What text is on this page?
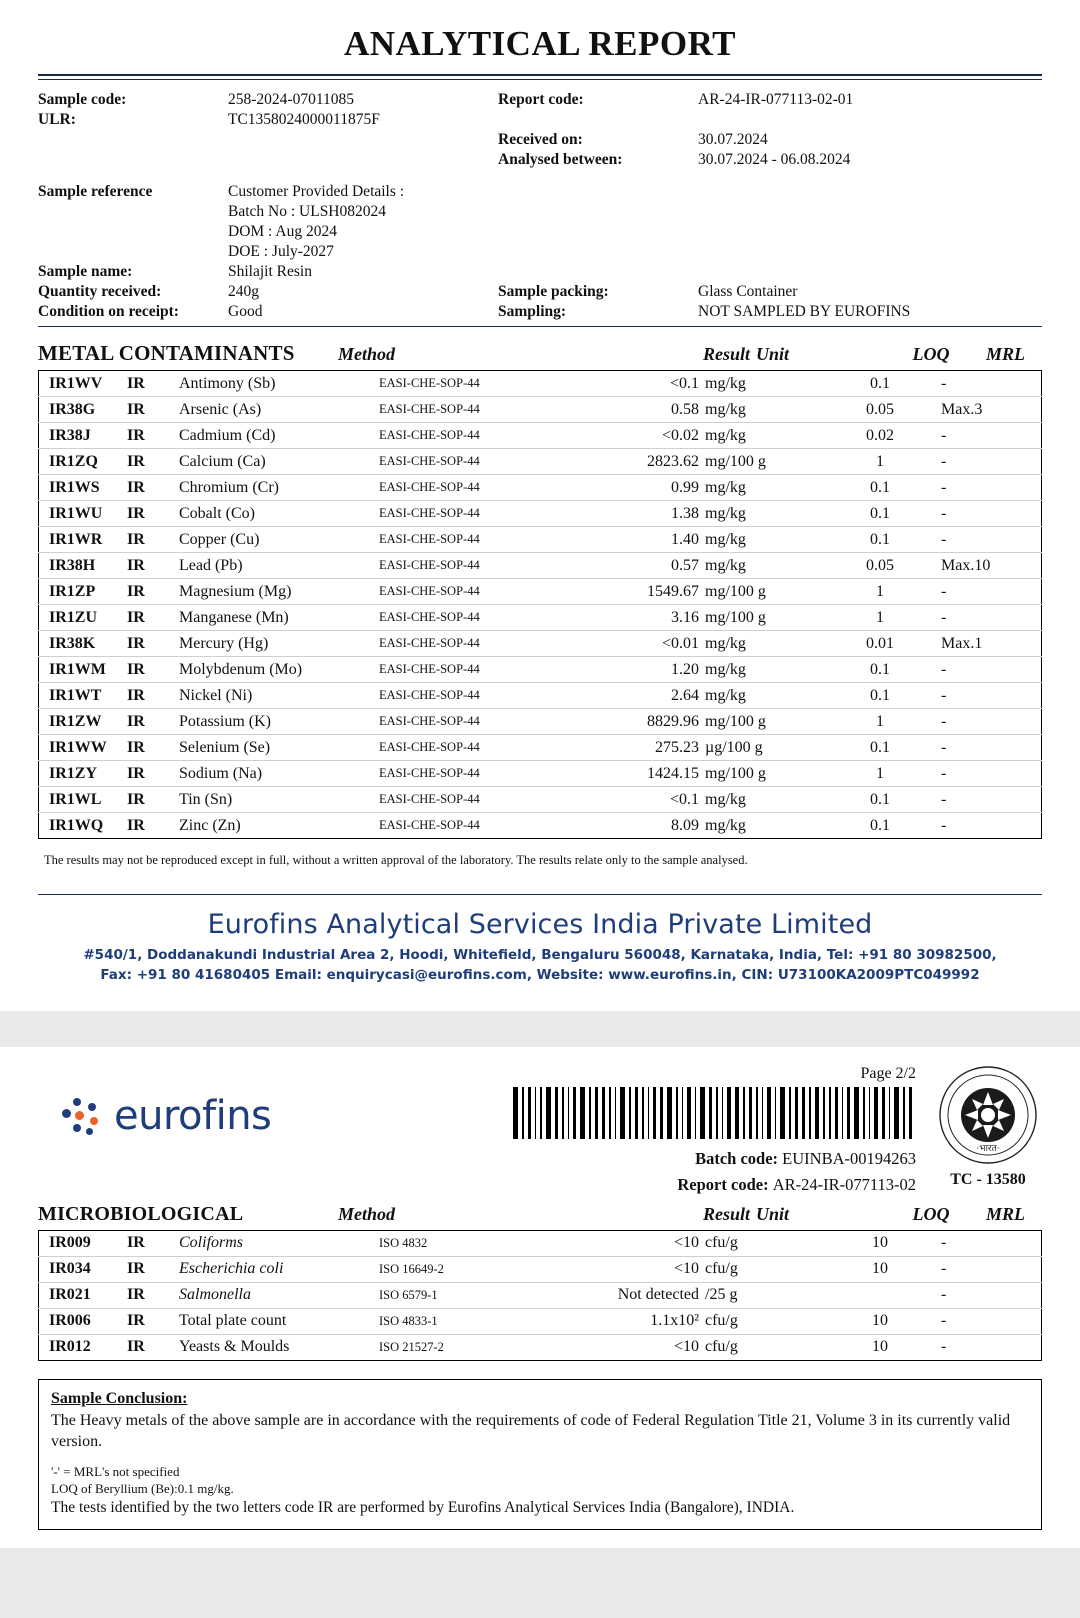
ANALYTICAL REPORT
Sample code:	258-2024-07011085	Report code:	AR-24-IR-077113-02-01
ULR:	TC1358024000011875F		
		Received on:	30.07.2024
		Analysed between:	30.07.2024 - 06.08.2024

Sample reference	Customer Provided Details :		
	Batch No : ULSH082024		
	DOM : Aug 2024		
	DOE : July-2027		
Sample name:	Shilajit Resin		
Quantity received:	240g	Sample packing:	Glass Container
Condition on receipt:	Good	Sampling:	NOT SAMPLED BY EUROFINS
METAL CONTAMINANTS	Method	Result Unit	LOQ	MRL
IR1WV	IR	Antimony (Sb)	EASI-CHE-SOP-44	<0.1	mg/kg	0.1	-
IR38G	IR	Arsenic (As)	EASI-CHE-SOP-44	0.58	mg/kg	0.05	Max.3
IR38J	IR	Cadmium (Cd)	EASI-CHE-SOP-44	<0.02	mg/kg	0.02	-
IR1ZQ	IR	Calcium (Ca)	EASI-CHE-SOP-44	2823.62	mg/100 g	1	-
IR1WS	IR	Chromium (Cr)	EASI-CHE-SOP-44	0.99	mg/kg	0.1	-
IR1WU	IR	Cobalt (Co)	EASI-CHE-SOP-44	1.38	mg/kg	0.1	-
IR1WR	IR	Copper (Cu)	EASI-CHE-SOP-44	1.40	mg/kg	0.1	-
IR38H	IR	Lead (Pb)	EASI-CHE-SOP-44	0.57	mg/kg	0.05	Max.10
IR1ZP	IR	Magnesium (Mg)	EASI-CHE-SOP-44	1549.67	mg/100 g	1	-
IR1ZU	IR	Manganese (Mn)	EASI-CHE-SOP-44	3.16	mg/100 g	1	-
IR38K	IR	Mercury (Hg)	EASI-CHE-SOP-44	<0.01	mg/kg	0.01	Max.1
IR1WM	IR	Molybdenum (Mo)	EASI-CHE-SOP-44	1.20	mg/kg	0.1	-
IR1WT	IR	Nickel (Ni)	EASI-CHE-SOP-44	2.64	mg/kg	0.1	-
IR1ZW	IR	Potassium (K)	EASI-CHE-SOP-44	8829.96	mg/100 g	1	-
IR1WW	IR	Selenium (Se)	EASI-CHE-SOP-44	275.23	µg/100 g	0.1	-
IR1ZY	IR	Sodium (Na)	EASI-CHE-SOP-44	1424.15	mg/100 g	1	-
IR1WL	IR	Tin (Sn)	EASI-CHE-SOP-44	<0.1	mg/kg	0.1	-
IR1WQ	IR	Zinc (Zn)	EASI-CHE-SOP-44	8.09	mg/kg	0.1	-
The results may not be reproduced except in full, without a written approval of the laboratory. The results relate only to the sample analysed.
Eurofins Analytical Services India Private Limited
#540/1, Doddanakundi Industrial Area 2, Hoodi, Whitefield, Bengaluru 560048, Karnataka, India, Tel: +91 80 30982500,
Fax: +91 80 41680405 Email: enquirycasi@eurofins.com, Website: www.eurofins.in, CIN: U73100KA2009PTC049992
eurofins
Page 2/2
Batch code: EUINBA-00194263
Report code: AR-24-IR-077113-02
·भारत·
TC - 13580
MICROBIOLOGICAL	Method	Result Unit	LOQ	MRL
IR009	IR	Coliforms	ISO 4832	<10	cfu/g	10	-
IR034	IR	Escherichia coli	ISO 16649-2	<10	cfu/g	10	-
IR021	IR	Salmonella	ISO 6579-1	Not detected	/25 g		-
IR006	IR	Total plate count	ISO 4833-1	1.1x10²	cfu/g	10	-
IR012	IR	Yeasts & Moulds	ISO 21527-2	<10	cfu/g	10	-
Sample Conclusion:
The Heavy metals of the above sample are in accordance with the requirements of code of Federal Regulation Title 21, Volume 3 in its currently valid version.
'-' = MRL's not specified
LOQ of Beryllium (Be):0.1 mg/kg.
The tests identified by the two letters code IR are performed by Eurofins Analytical Services India (Bangalore), INDIA.
